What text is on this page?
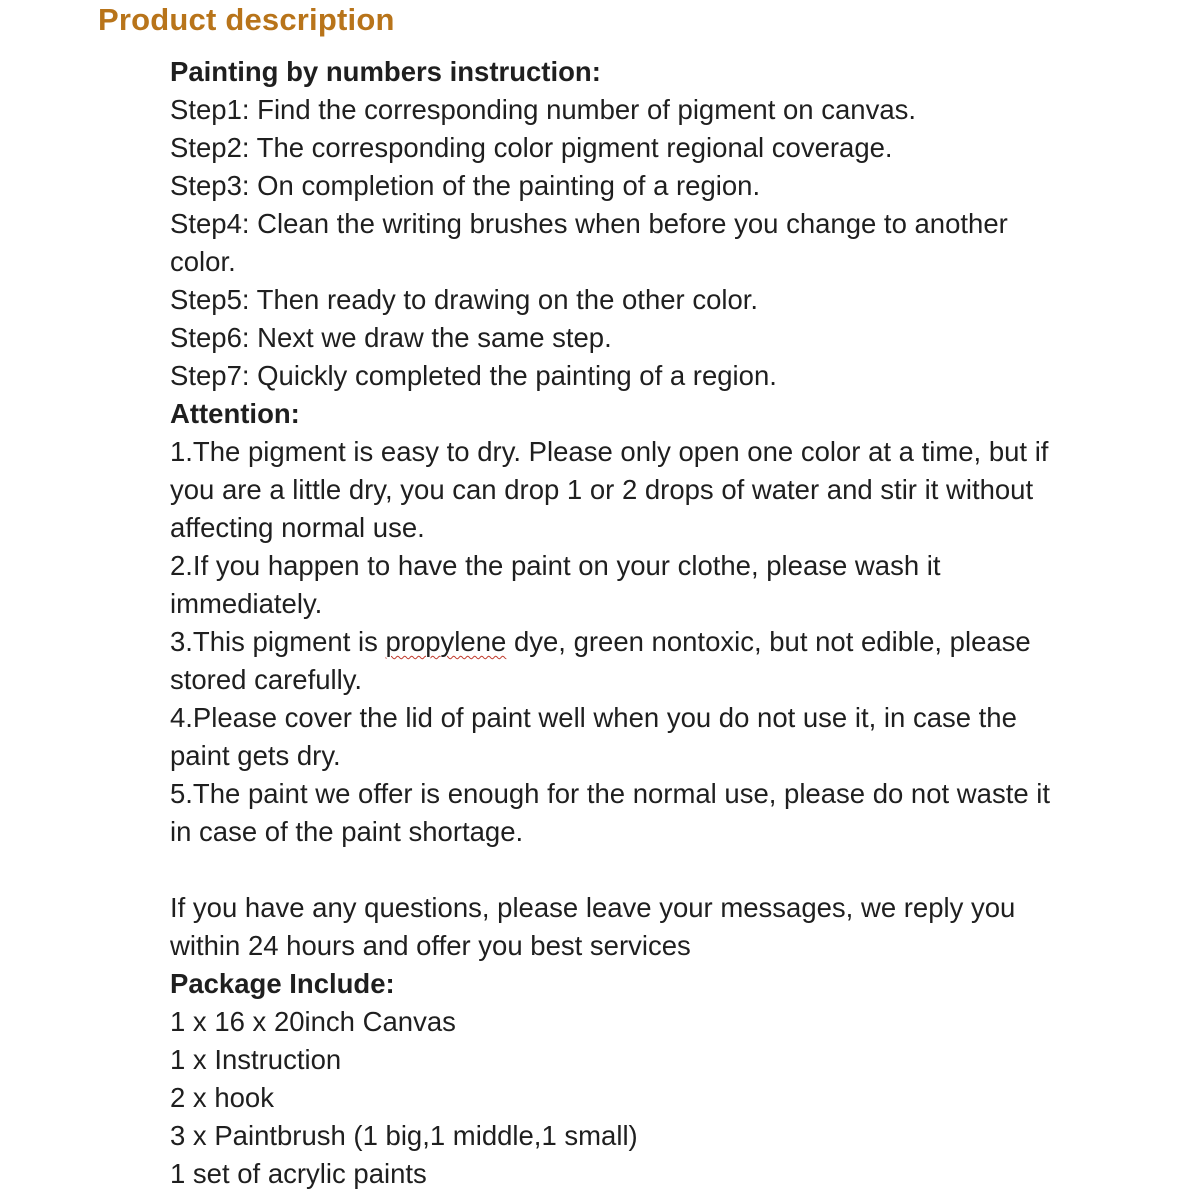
Product description
Painting by numbers instruction:
Step1: Find the corresponding number of pigment on canvas.
Step2: The corresponding color pigment regional coverage.
Step3: On completion of the painting of a region.
Step4: Clean the writing brushes when before you change to another
color.
Step5: Then ready to drawing on the other color.
Step6: Next we draw the same step.
Step7: Quickly completed the painting of a region.
Attention:
1.The pigment is easy to dry. Please only open one color at a time, but if
you are a little dry, you can drop 1 or 2 drops of water and stir it without
affecting normal use.
2.If you happen to have the paint on your clothe, please wash it
immediately.
3.This pigment is propylene dye, green nontoxic, but not edible, please
stored carefully.
4.Please cover the lid of paint well when you do not use it, in case the
paint gets dry.
5.The paint we offer is enough for the normal use, please do not waste it
in case of the paint shortage.
If you have any questions, please leave your messages, we reply you
within 24 hours and offer you best services
Package Include:
1 x 16 x 20inch Canvas
1 x Instruction
2 x hook
3 x Paintbrush (1 big,1 middle,1 small)
1 set of acrylic paints
